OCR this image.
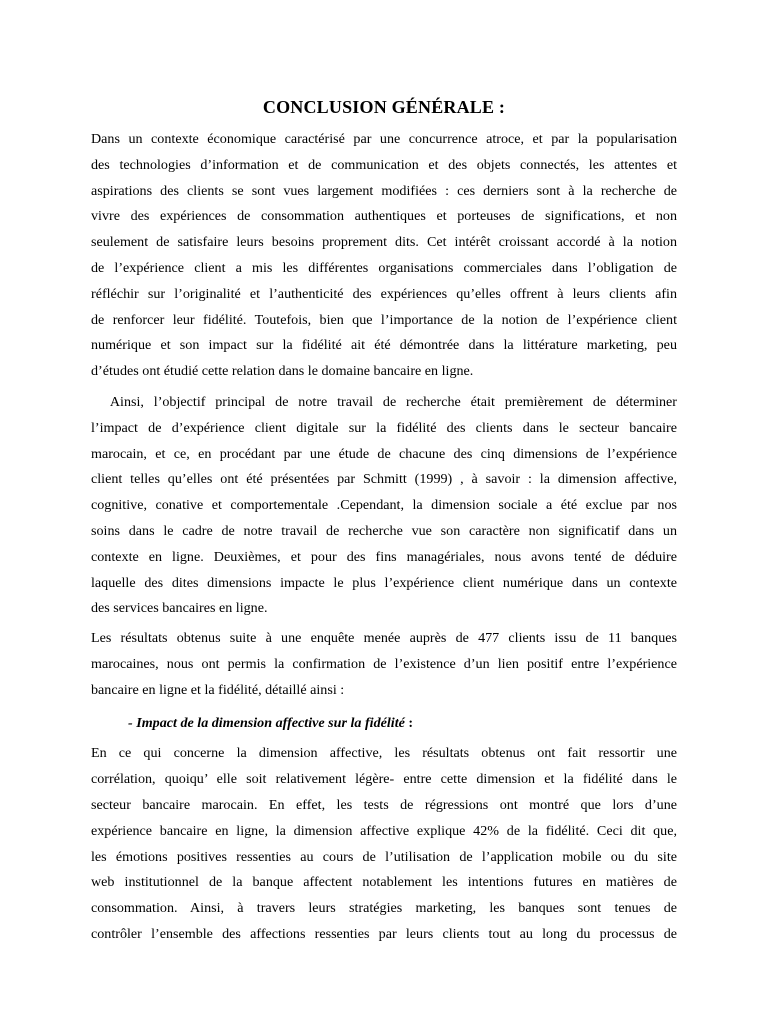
CONCLUSION GÉNÉRALE :

Dans un contexte économique caractérisé par une concurrence atroce, et par la popularisation
des technologies d’information et de communication et des objets connectés, les attentes et
aspirations des clients se sont vues largement modifiées : ces derniers sont à la recherche de
vivre des expériences de consommation authentiques et porteuses de significations, et non
seulement de satisfaire leurs besoins proprement dits. Cet intérêt croissant accordé à la notion
de l’expérience client a mis les différentes organisations commerciales dans l’obligation de
réfléchir sur l’originalité et l’authenticité des expériences qu’elles offrent à leurs clients afin
de renforcer leur fidélité. Toutefois, bien que l’importance de la notion de l’expérience client
numérique et son impact sur la fidélité ait été démontrée dans la littérature marketing, peu
d’études ont étudié cette relation dans le domaine bancaire en ligne.

Ainsi, l’objectif principal de notre travail de recherche était premièrement de déterminer
l’impact de d’expérience client digitale sur la fidélité des clients dans le secteur bancaire
marocain, et ce, en procédant par une étude de chacune des cinq dimensions de l’expérience
client telles qu’elles ont été présentées par Schmitt (1999) , à savoir : la dimension affective,
cognitive, conative et comportementale .Cependant, la dimension sociale a été exclue par nos
soins dans le cadre de notre travail de recherche vue son caractère non significatif dans un
contexte en ligne. Deuxièmes, et pour des fins managériales, nous avons tenté de déduire
laquelle des dites dimensions impacte le plus l’expérience client numérique dans un contexte
des services bancaires en ligne.

Les résultats obtenus suite à une enquête menée auprès de 477 clients issu de 11 banques
marocaines, nous ont permis la confirmation de l’existence d’un lien positif entre l’expérience
bancaire en ligne et la fidélité, détaillé ainsi :

- Impact de la dimension affective sur la fidélité :

En ce qui concerne la dimension affective, les résultats obtenus ont fait ressortir une
corrélation, quoiqu’ elle soit relativement légère- entre cette dimension et la fidélité dans le
secteur bancaire marocain. En effet, les tests de régressions ont montré que lors d’une
expérience bancaire en ligne, la dimension affective explique 42% de la fidélité. Ceci dit que,
les émotions positives ressenties au cours de l’utilisation de l’application mobile ou du site
web institutionnel de la banque affectent notablement les intentions futures en matières de
consommation. Ainsi, à travers leurs stratégies marketing, les banques sont tenues de
contrôler l’ensemble des affections ressenties par leurs clients tout au long du processus de
